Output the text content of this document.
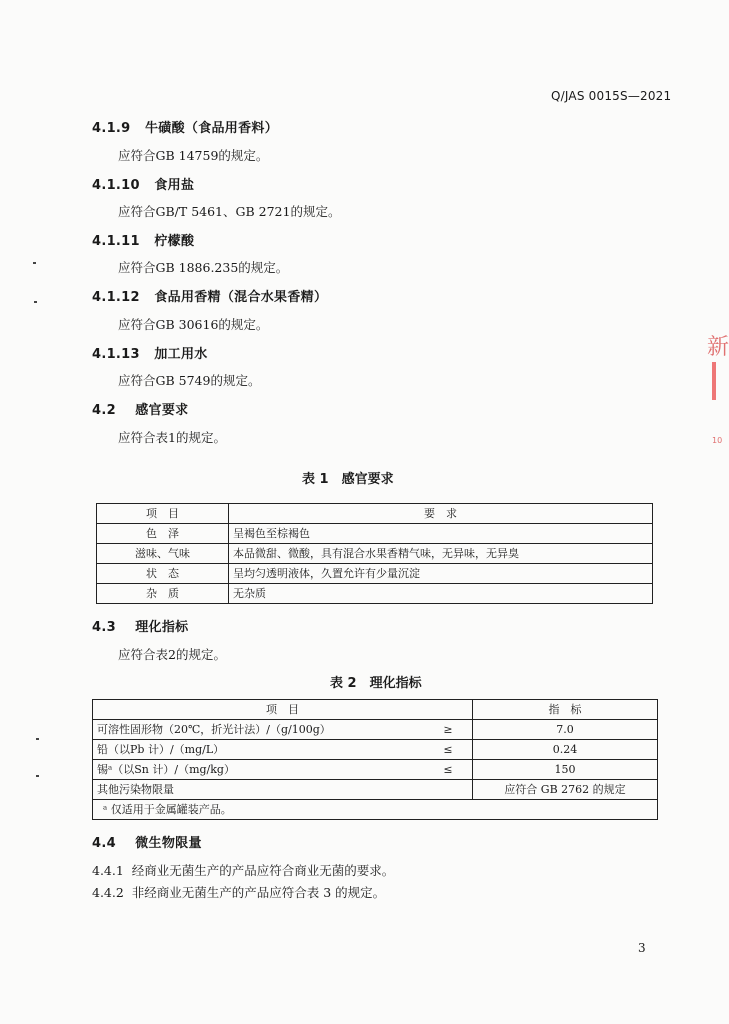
Q/JAS 0015S—2021
4.1.9 牛磺酸（食品用香料）
应符合GB 14759的规定。
4.1.10 食用盐
应符合GB/T 5461、GB 2721的规定。
4.1.11 柠檬酸
应符合GB 1886.235的规定。
4.1.12 食品用香精（混合水果香精）
应符合GB 30616的规定。
4.1.13 加工用水
应符合GB 5749的规定。
4.2 感官要求
应符合表1的规定。
表 1　感官要求
项　目	要　求
色　泽	呈褐色至棕褐色
滋味、气味	本品微甜、微酸，具有混合水果香精气味，无异味，无异臭
状　态	呈均匀透明液体，久置允许有少量沉淀
杂　质	无杂质
4.3 理化指标
应符合表2的规定。
表 2　理化指标
项　目		指　标
可溶性固形物（20℃，折光计法）/（g/100g）	≥	7.0
铅（以Pb 计）/（mg/L）	≤	0.24
锡ᵃ（以Sn 计）/（mg/kg）	≤	150
其他污染物限量		应符合 GB 2762 的规定
ᵃ 仅适用于金属罐装产品。		
4.4 微生物限量
4.4.1 经商业无菌生产的产品应符合商业无菌的要求。
4.4.2 非经商业无菌生产的产品应符合表 3 的规定。
3
新
10
